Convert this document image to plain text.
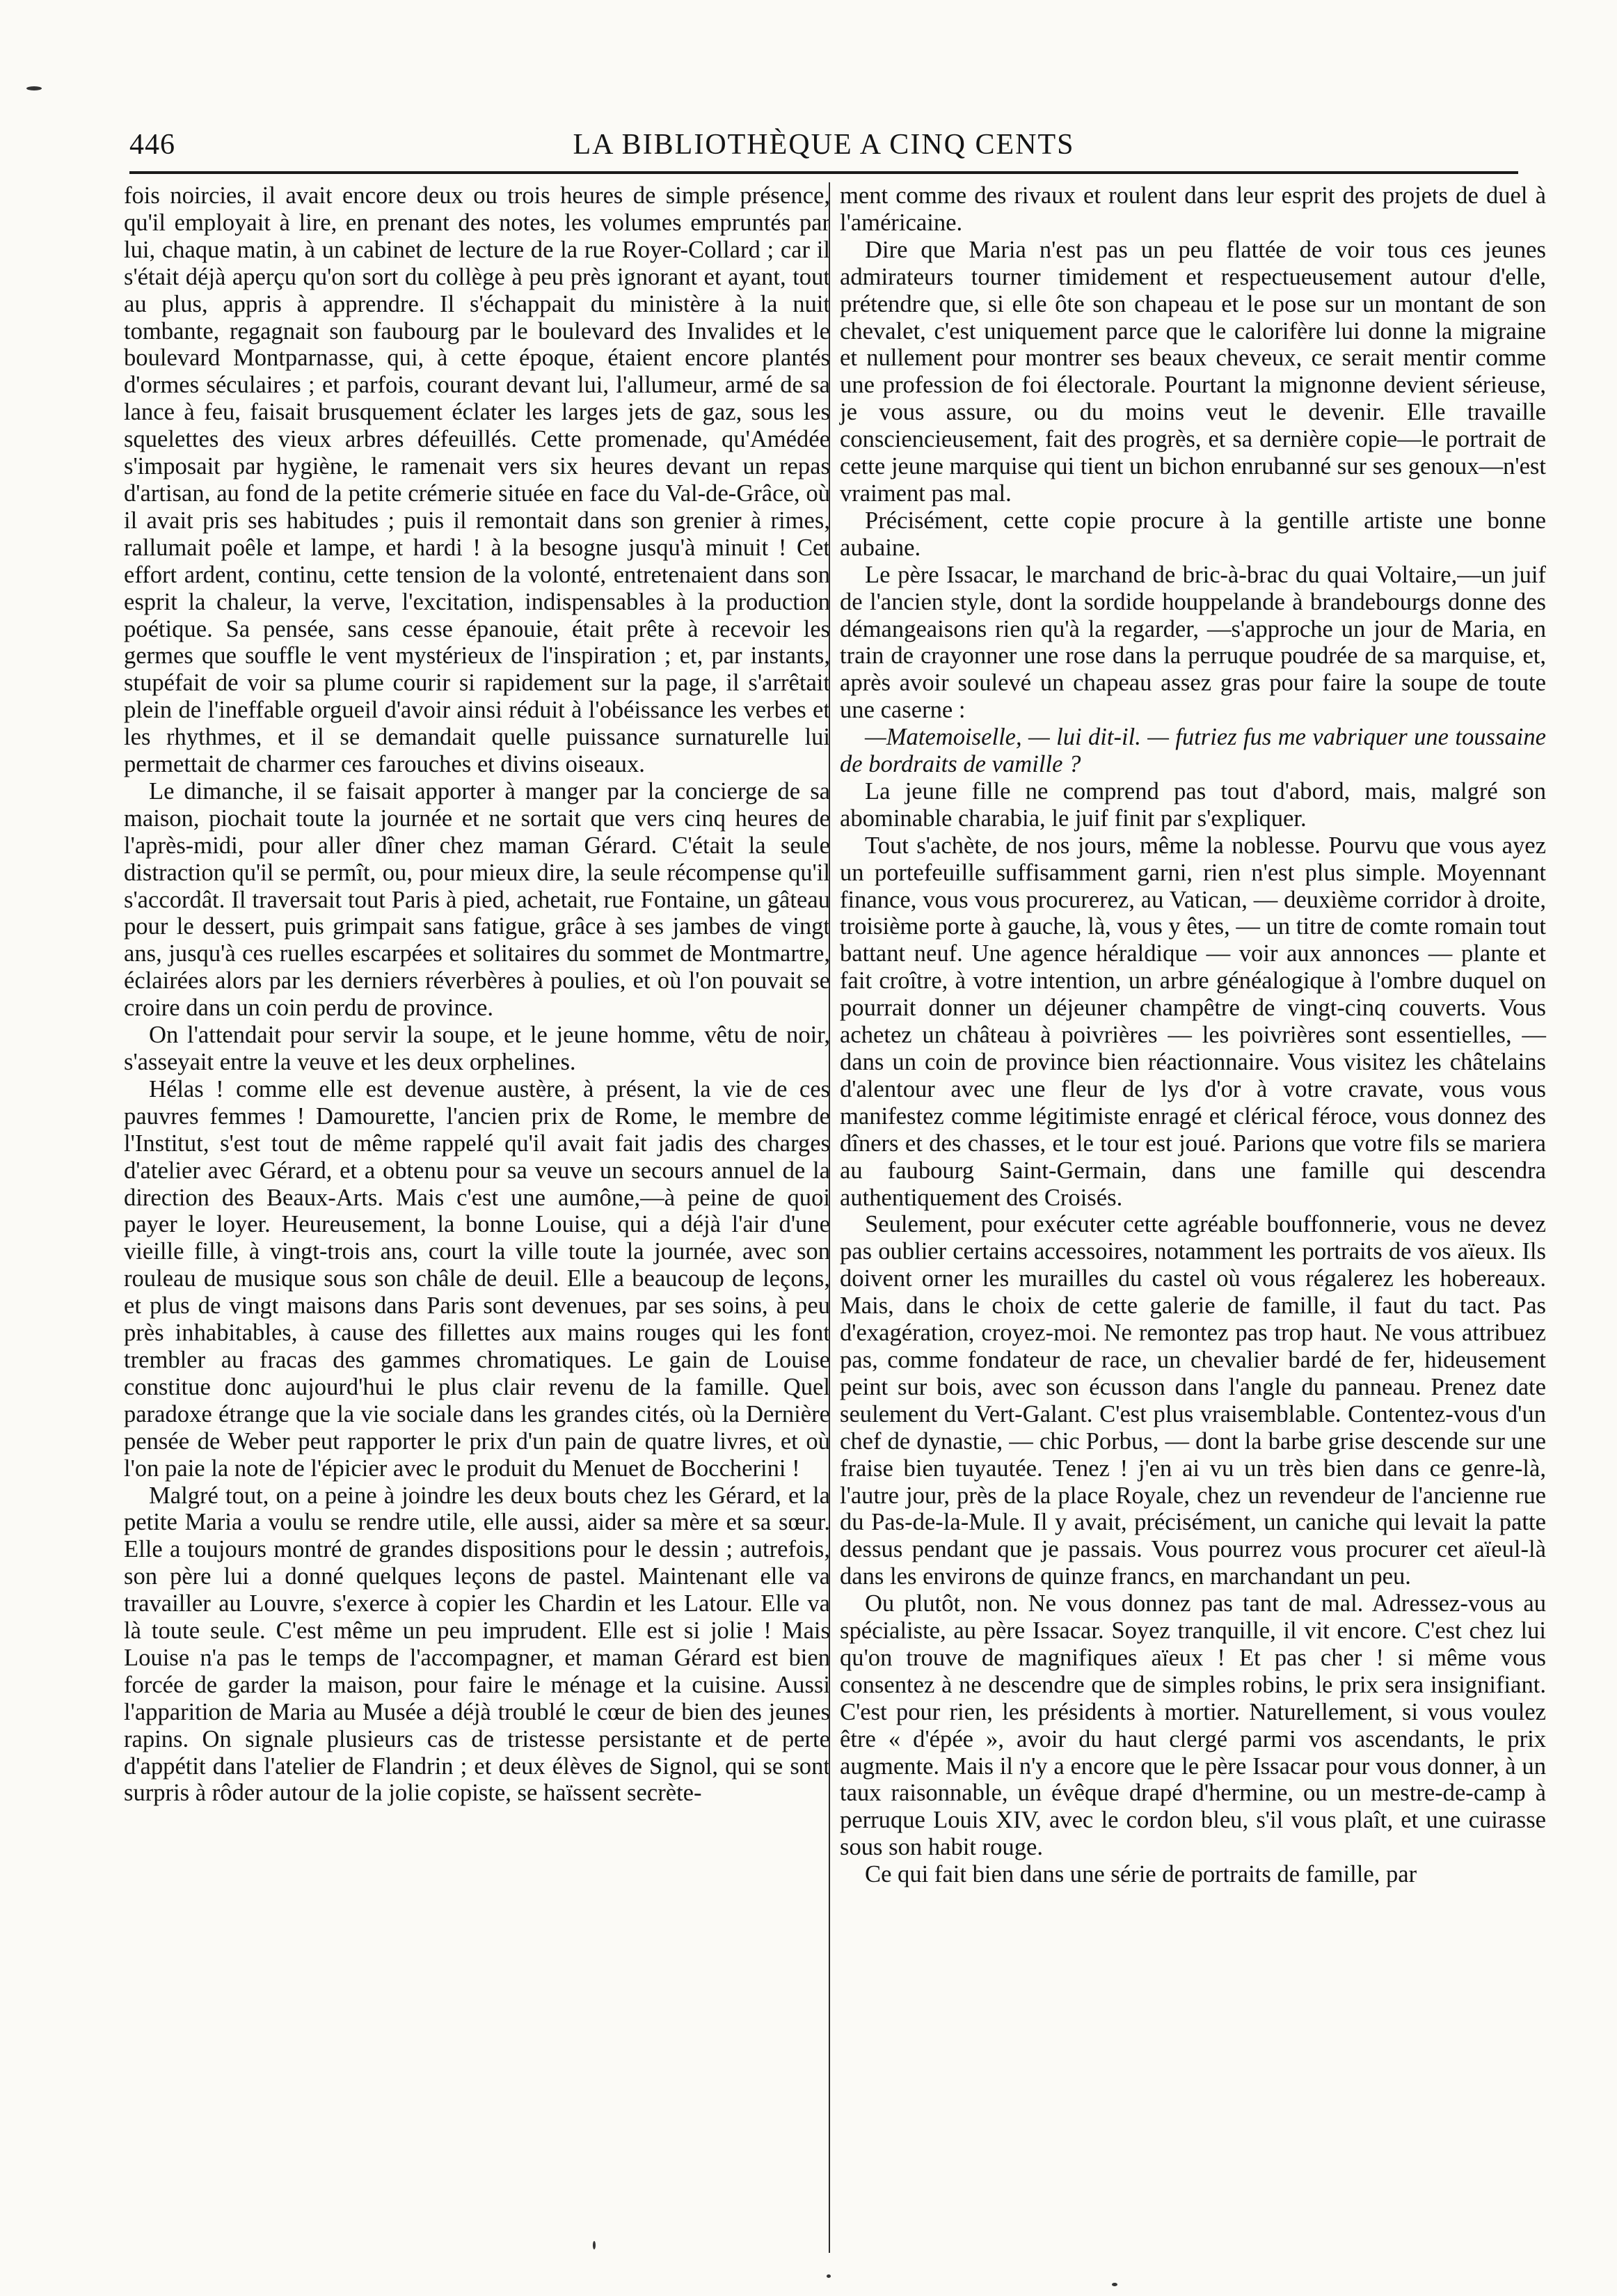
446	LA BIBLIOTHÈQUE A CINQ CENTS

fois noircies, il avait encore deux ou trois heures de simple présence, qu'il employait à lire, en prenant des notes, les volumes empruntés par lui, chaque matin, à un cabinet de lecture de la rue Royer-Collard ; car il s'était déjà aperçu qu'on sort du collège à peu près ignorant et ayant, tout au plus, appris à apprendre. Il s'échappait du ministère à la nuit tombante, regagnait son faubourg par le boulevard des Invalides et le boulevard Montparnasse, qui, à cette époque, étaient encore plantés d'ormes séculaires ; et parfois, courant devant lui, l'allumeur, armé de sa lance à feu, faisait brusquement éclater les larges jets de gaz, sous les squelettes des vieux arbres défeuillés. Cette promenade, qu'Amédée s'imposait par hygiène, le ramenait vers six heures devant un repas d'artisan, au fond de la petite crémerie située en face du Val-de-Grâce, où il avait pris ses habitudes ; puis il remontait dans son grenier à rimes, rallumait poêle et lampe, et hardi ! à la besogne jusqu'à minuit ! Cet effort ardent, continu, cette tension de la volonté, entretenaient dans son esprit la chaleur, la verve, l'excitation, indispensables à la production poétique. Sa pensée, sans cesse épanouie, était prête à recevoir les germes que souffle le vent mystérieux de l'inspiration ; et, par instants, stupéfait de voir sa plume courir si rapidement sur la page, il s'arrêtait plein de l'ineffable orgueil d'avoir ainsi réduit à l'obéissance les verbes et les rhythmes, et il se demandait quelle puissance surnaturelle lui permettait de charmer ces farouches et divins oiseaux.

Le dimanche, il se faisait apporter à manger par la concierge de sa maison, piochait toute la journée et ne sortait que vers cinq heures de l'après-midi, pour aller dîner chez maman Gérard. C'était la seule distraction qu'il se permît, ou, pour mieux dire, la seule récompense qu'il s'accordât. Il traversait tout Paris à pied, achetait, rue Fontaine, un gâteau pour le dessert, puis grimpait sans fatigue, grâce à ses jambes de vingt ans, jusqu'à ces ruelles escarpées et solitaires du sommet de Montmartre, éclairées alors par les derniers réverbères à poulies, et où l'on pouvait se croire dans un coin perdu de province.

On l'attendait pour servir la soupe, et le jeune homme, vêtu de noir, s'asseyait entre la veuve et les deux orphelines.

Hélas ! comme elle est devenue austère, à présent, la vie de ces pauvres femmes ! Damourette, l'ancien prix de Rome, le membre de l'Institut, s'est tout de même rappelé qu'il avait fait jadis des charges d'atelier avec Gérard, et a obtenu pour sa veuve un secours annuel de la direction des Beaux-Arts. Mais c'est une aumône,—à peine de quoi payer le loyer. Heureusement, la bonne Louise, qui a déjà l'air d'une vieille fille, à vingt-trois ans, court la ville toute la journée, avec son rouleau de musique sous son châle de deuil. Elle a beaucoup de leçons, et plus de vingt maisons dans Paris sont devenues, par ses soins, à peu près inhabitables, à cause des fillettes aux mains rouges qui les font trembler au fracas des gammes chromatiques. Le gain de Louise constitue donc aujourd'hui le plus clair revenu de la famille. Quel paradoxe étrange que la vie sociale dans les grandes cités, où la Dernière pensée de Weber peut rapporter le prix d'un pain de quatre livres, et où l'on paie la note de l'épicier avec le produit du Menuet de Boccherini !

Malgré tout, on a peine à joindre les deux bouts chez les Gérard, et la petite Maria a voulu se rendre utile, elle aussi, aider sa mère et sa sœur. Elle a toujours montré de grandes dispositions pour le dessin ; autrefois, son père lui a donné quelques leçons de pastel. Maintenant elle va travailler au Louvre, s'exerce à copier les Chardin et les Latour. Elle va là toute seule. C'est même un peu imprudent. Elle est si jolie ! Mais Louise n'a pas le temps de l'accompagner, et maman Gérard est bien forcée de garder la maison, pour faire le ménage et la cuisine. Aussi l'apparition de Maria au Musée a déjà troublé le cœur de bien des jeunes rapins. On signale plusieurs cas de tristesse persistante et de perte d'appétit dans l'atelier de Flandrin ; et deux élèves de Signol, qui se sont surpris à rôder autour de la jolie copiste, se haïssent secrète-

ment comme des rivaux et roulent dans leur esprit des projets de duel à l'américaine.

Dire que Maria n'est pas un peu flattée de voir tous ces jeunes admirateurs tourner timidement et respectueusement autour d'elle, prétendre que, si elle ôte son chapeau et le pose sur un montant de son chevalet, c'est uniquement parce que le calorifère lui donne la migraine et nullement pour montrer ses beaux cheveux, ce serait mentir comme une profession de foi électorale. Pourtant la mignonne devient sérieuse, je vous assure, ou du moins veut le devenir. Elle travaille consciencieusement, fait des progrès, et sa dernière copie—le portrait de cette jeune marquise qui tient un bichon enrubanné sur ses genoux—n'est vraiment pas mal.

Précisément, cette copie procure à la gentille artiste une bonne aubaine.

Le père Issacar, le marchand de bric-à-brac du quai Voltaire,—un juif de l'ancien style, dont la sordide houppelande à brandebourgs donne des démangeaisons rien qu'à la regarder, —s'approche un jour de Maria, en train de crayonner une rose dans la perruque poudrée de sa marquise, et, après avoir soulevé un chapeau assez gras pour faire la soupe de toute une caserne :

—Matemoiselle, — lui dit-il. — futriez fus me vabriquer une toussaine de bordraits de vamille ?

La jeune fille ne comprend pas tout d'abord, mais, malgré son abominable charabia, le juif finit par s'expliquer.

Tout s'achète, de nos jours, même la noblesse. Pourvu que vous ayez un portefeuille suffisamment garni, rien n'est plus simple. Moyennant finance, vous vous procurerez, au Vatican, — deuxième corridor à droite, troisième porte à gauche, là, vous y êtes, — un titre de comte romain tout battant neuf. Une agence héraldique — voir aux annonces — plante et fait croître, à votre intention, un arbre généalogique à l'ombre duquel on pourrait donner un déjeuner champêtre de vingt-cinq couverts. Vous achetez un château à poivrières — les poivrières sont essentielles, — dans un coin de province bien réactionnaire. Vous visitez les châtelains d'alentour avec une fleur de lys d'or à votre cravate, vous vous manifestez comme légitimiste enragé et clérical féroce, vous donnez des dîners et des chasses, et le tour est joué. Parions que votre fils se mariera au faubourg Saint-Germain, dans une famille qui descendra authentiquement des Croisés.

Seulement, pour exécuter cette agréable bouffonnerie, vous ne devez pas oublier certains accessoires, notamment les portraits de vos aïeux. Ils doivent orner les murailles du castel où vous régalerez les hobereaux. Mais, dans le choix de cette galerie de famille, il faut du tact. Pas d'exagération, croyez-moi. Ne remontez pas trop haut. Ne vous attribuez pas, comme fondateur de race, un chevalier bardé de fer, hideusement peint sur bois, avec son écusson dans l'angle du panneau. Prenez date seulement du Vert-Galant. C'est plus vraisemblable. Contentez-vous d'un chef de dynastie, — chic Porbus, — dont la barbe grise descende sur une fraise bien tuyautée. Tenez ! j'en ai vu un très bien dans ce genre-là, l'autre jour, près de la place Royale, chez un revendeur de l'ancienne rue du Pas-de-la-Mule. Il y avait, précisément, un caniche qui levait la patte dessus pendant que je passais. Vous pourrez vous procurer cet aïeul-là dans les environs de quinze francs, en marchandant un peu.

Ou plutôt, non. Ne vous donnez pas tant de mal. Adressez-vous au spécialiste, au père Issacar. Soyez tranquille, il vit encore. C'est chez lui qu'on trouve de magnifiques aïeux ! Et pas cher ! si même vous consentez à ne descendre que de simples robins, le prix sera insignifiant. C'est pour rien, les présidents à mortier. Naturellement, si vous voulez être « d'épée », avoir du haut clergé parmi vos ascendants, le prix augmente. Mais il n'y a encore que le père Issacar pour vous donner, à un taux raisonnable, un évêque drapé d'hermine, ou un mestre-de-camp à perruque Louis XIV, avec le cordon bleu, s'il vous plaît, et une cuirasse sous son habit rouge.

Ce qui fait bien dans une série de portraits de famille, par
